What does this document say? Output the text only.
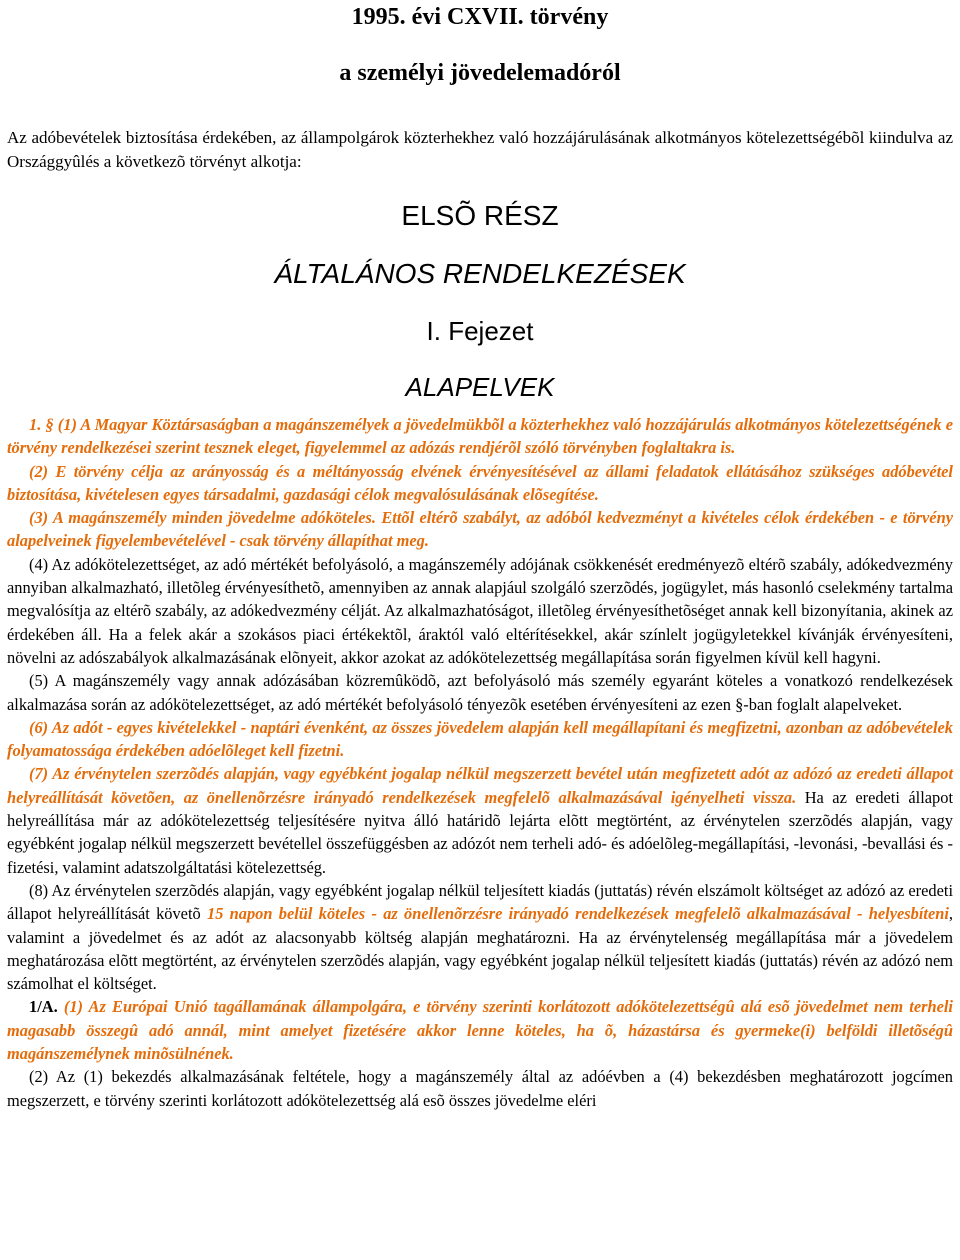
1995. évi CXVII. törvény
a személyi jövedelemadóról

Az adóbevételek biztosítása érdekében, az állampolgárok közterhekhez való hozzájárulásának alkotmányos kötelezettségébõl kiindulva az Országgyûlés a következõ törvényt alkotja:

ELSÕ RÉSZ
ÁLTALÁNOS RENDELKEZÉSEK
I. Fejezet
ALAPELVEK

1. § (1) A Magyar Köztársaságban a magánszemélyek a jövedelmükbõl a közterhekhez való hozzájárulás alkotmányos kötelezettségének e törvény rendelkezései szerint tesznek eleget, figyelemmel az adózás rendjérõl szóló törvényben foglaltakra is.

(2) E törvény célja az arányosság és a méltányosság elvének érvényesítésével az állami feladatok ellátásához szükséges adóbevétel biztosítása, kivételesen egyes társadalmi, gazdasági célok megvalósulásának elõsegítése.

(3) A magánszemély minden jövedelme adóköteles. Ettõl eltérõ szabályt, az adóból kedvezményt a kivételes célok érdekében - e törvény alapelveinek figyelembevételével - csak törvény állapíthat meg.

(4) Az adókötelezettséget, az adó mértékét befolyásoló, a magánszemély adójának csökkenését eredményezõ eltérõ szabály, adókedvezmény annyiban alkalmazható, illetõleg érvényesíthetõ, amennyiben az annak alapjául szolgáló szerzõdés, jogügylet, más hasonló cselekmény tartalma megvalósítja az eltérõ szabály, az adókedvezmény célját. Az alkalmazhatóságot, illetõleg érvényesíthetõséget annak kell bizonyítania, akinek az érdekében áll. Ha a felek akár a szokásos piaci értékektõl, áraktól való eltérítésekkel, akár színlelt jogügyletekkel kívánják érvényesíteni, növelni az adószabályok alkalmazásának elõnyeit, akkor azokat az adókötelezettség megállapítása során figyelmen kívül kell hagyni.

(5) A magánszemély vagy annak adózásában közremûködõ, azt befolyásoló más személy egyaránt köteles a vonatkozó rendelkezések alkalmazása során az adókötelezettséget, az adó mértékét befolyásoló tényezõk esetében érvényesíteni az ezen §-ban foglalt alapelveket.

(6) Az adót - egyes kivételekkel - naptári évenként, az összes jövedelem alapján kell megállapítani és megfizetni, azonban az adóbevételek folyamatossága érdekében adóelõleget kell fizetni.

(7) Az érvénytelen szerzõdés alapján, vagy egyébként jogalap nélkül megszerzett bevétel után megfizetett adót az adózó az eredeti állapot helyreállítását követõen, az önellenõrzésre irányadó rendelkezések megfelelõ alkalmazásával igényelheti vissza. Ha az eredeti állapot helyreállítása már az adókötelezettség teljesítésére nyitva álló határidõ lejárta elõtt megtörtént, az érvénytelen szerzõdés alapján, vagy egyébként jogalap nélkül megszerzett bevétellel összefüggésben az adózót nem terheli adó- és adóelõleg-megállapítási, -levonási, -bevallási és -fizetési, valamint adatszolgáltatási kötelezettség.

(8) Az érvénytelen szerzõdés alapján, vagy egyébként jogalap nélkül teljesített kiadás (juttatás) révén elszámolt költséget az adózó az eredeti állapot helyreállítását követõ 15 napon belül köteles - az önellenõrzésre irányadó rendelkezések megfelelõ alkalmazásával - helyesbíteni, valamint a jövedelmet és az adót az alacsonyabb költség alapján meghatározni. Ha az érvénytelenség megállapítása már a jövedelem meghatározása elõtt megtörtént, az érvénytelen szerzõdés alapján, vagy egyébként jogalap nélkül teljesített kiadás (juttatás) révén az adózó nem számolhat el költséget.

1/A. (1) Az Európai Unió tagállamának állampolgára, e törvény szerinti korlátozott adókötelezettségû alá esõ jövedelmet nem terheli magasabb összegû adó annál, mint amelyet fizetésére akkor lenne köteles, ha õ, házastársa és gyermeke(i) belföldi illetõségû magánszemélynek minõsülnének.

(2) Az (1) bekezdés alkalmazásának feltétele, hogy a magánszemély által az adóévben a (4) bekezdésben meghatározott jogcímen megszerzett, e törvény szerinti korlátozott adókötelezettség alá esõ összes jövedelme eléri
